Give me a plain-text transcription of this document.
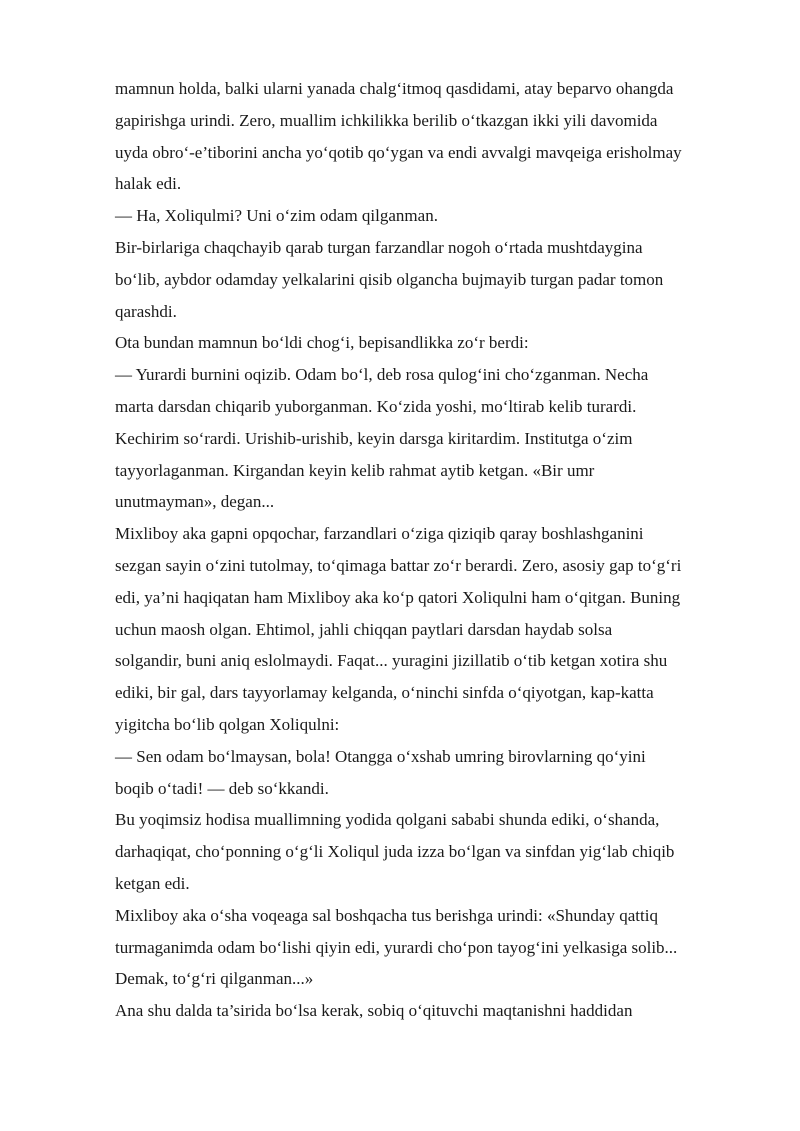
mamnun holda, balki ularni yanada chalg‘itmoq qasdidami, atay beparvo ohangda
gapirishga urindi. Zero, muallim ichkilikka berilib o‘tkazgan ikki yili davomida
uyda obro‘-e’tiborini ancha yo‘qotib qo‘ygan va endi avvalgi mavqeiga erisholmay
halak edi.
— Ha, Xoliqulmi? Uni o‘zim odam qilganman.
Bir-birlariga chaqchayib qarab turgan farzandlar nogoh o‘rtada mushtdaygina
bo‘lib, aybdor odamday yelkalarini qisib olgancha bujmayib turgan padar tomon
qarashdi.
Ota bundan mamnun bo‘ldi chog‘i, bepisandlikka zo‘r berdi:
— Yurardi burnini oqizib. Odam bo‘l, deb rosa qulog‘ini cho‘zganman. Necha
marta darsdan chiqarib yuborganman. Ko‘zida yoshi, mo‘ltirab kelib turardi.
Kechirim so‘rardi. Urishib-urishib, keyin darsga kiritardim. Institutga o‘zim
tayyorlaganman. Kirgandan keyin kelib rahmat aytib ketgan. «Bir umr
unutmayman», degan...
Mixliboy aka gapni opqochar, farzandlari o‘ziga qiziqib qaray boshlashganini
sezgan sayin o‘zini tutolmay, to‘qimaga battar zo‘r berardi. Zero, asosiy gap to‘g‘ri
edi, ya’ni haqiqatan ham Mixliboy aka ko‘p qatori Xoliqulni ham o‘qitgan. Buning
uchun maosh olgan. Ehtimol, jahli chiqqan paytlari darsdan haydab solsa
solgandir, buni aniq eslolmaydi. Faqat... yuragini jizillatib o‘tib ketgan xotira shu
ediki, bir gal, dars tayyorlamay kelganda, o‘ninchi sinfda o‘qiyotgan, kap-katta
yigitcha bo‘lib qolgan Xoliqulni:
— Sen odam bo‘lmaysan, bola! Otangga o‘xshab umring birovlarning qo‘yini
boqib o‘tadi! — deb so‘kkandi.
Bu yoqimsiz hodisa muallimning yodida qolgani sababi shunda ediki, o‘shanda,
darhaqiqat, cho‘ponning o‘g‘li Xoliqul juda izza bo‘lgan va sinfdan yig‘lab chiqib
ketgan edi.
Mixliboy aka o‘sha voqeaga sal boshqacha tus berishga urindi: «Shunday qattiq
turmaganimda odam bo‘lishi qiyin edi, yurardi cho‘pon tayog‘ini yelkasiga solib...
Demak, to‘g‘ri qilganman...»
Ana shu dalda ta’sirida bo‘lsa kerak, sobiq o‘qituvchi maqtanishni haddidan
